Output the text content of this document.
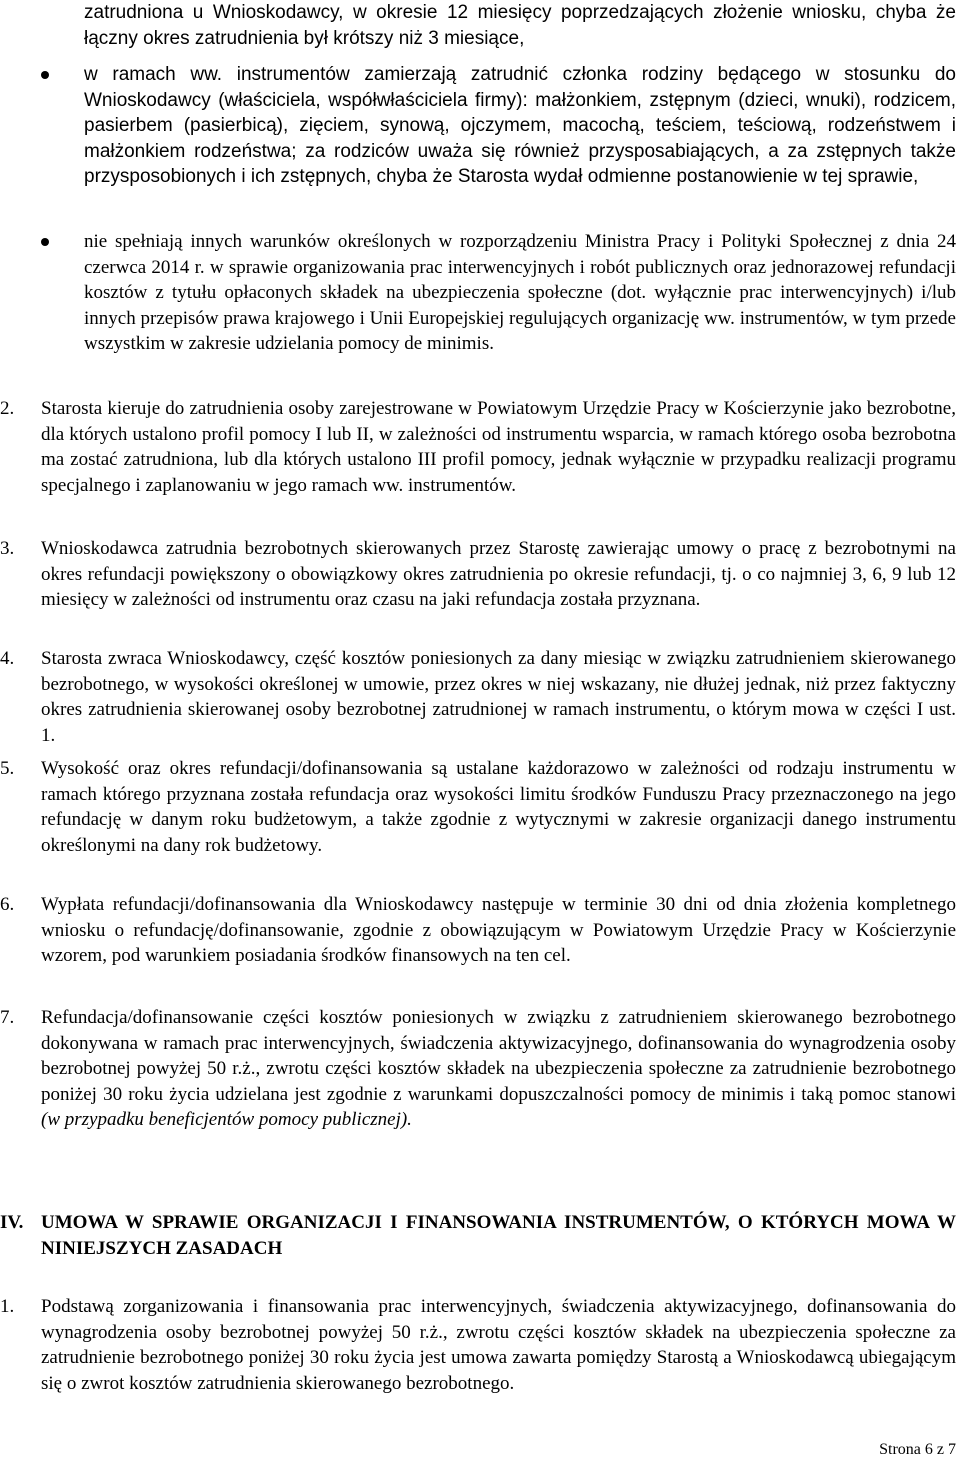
zatrudniona u Wnioskodawcy, w okresie 12 miesięcy poprzedzających złożenie wniosku, chyba że łączny okres zatrudnienia był krótszy niż 3 miesiące,
w ramach ww. instrumentów zamierzają zatrudnić członka rodziny będącego w stosunku do Wnioskodawcy (właściciela, współwłaściciela firmy): małżonkiem, zstępnym (dzieci, wnuki), rodzicem, pasierbem (pasierbicą), zięciem, synową, ojczymem, macochą, teściem, teściową, rodzeństwem i małżonkiem rodzeństwa; za rodziców uważa się również przysposabiających, a za zstępnych także przysposobionych i ich zstępnych, chyba że Starosta wydał odmienne postanowienie w tej sprawie,
nie spełniają innych warunków określonych w rozporządzeniu Ministra Pracy i Polityki Społecznej z dnia 24 czerwca 2014 r. w sprawie organizowania prac interwencyjnych i robót publicznych oraz jednorazowej refundacji kosztów z tytułu opłaconych składek na ubezpieczenia społeczne (dot. wyłącznie prac interwencyjnych) i/lub innych przepisów prawa krajowego i Unii Europejskiej regulujących organizację ww. instrumentów, w tym przede wszystkim w zakresie udzielania pomocy de minimis.
2. Starosta kieruje do zatrudnienia osoby zarejestrowane w Powiatowym Urzędzie Pracy w Kościerzynie jako bezrobotne, dla których ustalono profil pomocy I lub II, w zależności od instrumentu wsparcia, w ramach którego osoba bezrobotna ma zostać zatrudniona, lub dla których ustalono III profil pomocy, jednak wyłącznie w przypadku realizacji programu specjalnego i zaplanowaniu w jego ramach ww. instrumentów.
3. Wnioskodawca zatrudnia bezrobotnych skierowanych przez Starostę zawierając umowy o pracę z bezrobotnymi na okres refundacji powiększony o obowiązkowy okres zatrudnienia po okresie refundacji, tj. o co najmniej 3, 6, 9 lub 12 miesięcy w zależności od instrumentu oraz czasu na jaki refundacja została przyznana.
4. Starosta zwraca Wnioskodawcy, część kosztów poniesionych za dany miesiąc w związku zatrudnieniem skierowanego bezrobotnego, w wysokości określonej w umowie, przez okres w niej wskazany, nie dłużej jednak, niż przez faktyczny okres zatrudnienia skierowanej osoby bezrobotnej zatrudnionej w ramach instrumentu, o którym mowa w części I ust. 1.
5. Wysokość oraz okres refundacji/dofinansowania są ustalane każdorazowo w zależności od rodzaju instrumentu w ramach którego przyznana została refundacja oraz wysokości limitu środków Funduszu Pracy przeznaczonego na jego refundację w danym roku budżetowym, a także zgodnie z wytycznymi w zakresie organizacji danego instrumentu określonymi na dany rok budżetowy.
6. Wypłata refundacji/dofinansowania dla Wnioskodawcy następuje w terminie 30 dni od dnia złożenia kompletnego wniosku o refundację/dofinansowanie, zgodnie z obowiązującym w Powiatowym Urzędzie Pracy w Kościerzynie wzorem, pod warunkiem posiadania środków finansowych na ten cel.
7. Refundacja/dofinansowanie części kosztów poniesionych w związku z zatrudnieniem skierowanego bezrobotnego dokonywana w ramach prac interwencyjnych, świadczenia aktywizacyjnego, dofinansowania do wynagrodzenia osoby bezrobotnej powyżej 50 r.ż., zwrotu części kosztów składek na ubezpieczenia społeczne za zatrudnienie bezrobotnego poniżej 30 roku życia udzielana jest zgodnie z warunkami dopuszczalności pomocy de minimis i taką pomoc stanowi (w przypadku beneficjentów pomocy publicznej).
IV. UMOWA W SPRAWIE ORGANIZACJI I FINANSOWANIA INSTRUMENTÓW, O KTÓRYCH MOWA W NINIEJSZYCH ZASADACH
1. Podstawą zorganizowania i finansowania prac interwencyjnych, świadczenia aktywizacyjnego, dofinansowania do wynagrodzenia osoby bezrobotnej powyżej 50 r.ż., zwrotu części kosztów składek na ubezpieczenia społeczne za zatrudnienie bezrobotnego poniżej 30 roku życia jest umowa zawarta pomiędzy Starostą a Wnioskodawcą ubiegającym się o zwrot kosztów zatrudnienia skierowanego bezrobotnego.
Strona 6 z 7
